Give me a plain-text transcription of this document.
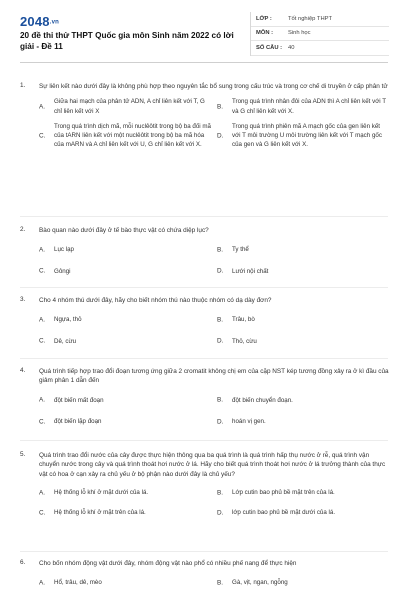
2048.vn
20 đề thi thử THPT Quốc gia môn Sinh năm 2022 có lời giải - Đề 11
LỚP :	Tốt nghiệp THPT
MÔN :	Sinh học
SỐ CÂU :	40
1. Sự liên kết nào dưới đây là không phù hợp theo nguyên tắc bổ sung trong cấu trúc và trong cơ chế di truyền ở cấp phân tử
A.
Giữa hai mạch của phân tử ADN, A chỉ liên kết với T, G chỉ liên kết với X
B.
Trong quá trình nhân đôi của ADN thì A chỉ liên kết với T và G chỉ liên kết với X.
C.
Trong quá trình dịch mã, mỗi nuclêôtit trong bộ ba đối mã của tARN liên kết với một nuclêôtit trong bộ ba mã hóa của mARN và A chỉ liên kết với U, G chỉ liên kết với X.
D.
Trong quá trình phiên mã A mạch gốc của gen liên kết với T môi trường U môi trường liên kết với T mạch gốc của gen và G liên kết với X.
2. Bào quan nào dưới đây ở tế bào thực vật có chứa diệp lục?
A. Lục lạp	B. Ty thể
C. Gôngi	D. Lưới nội chất
3. Cho 4 nhóm thú dưới đây, hãy cho biết nhóm thú nào thuộc nhóm có dạ dày đơn?
A. Ngựa, thỏ	B. Trâu, bò
C. Dê, cừu	D. Thỏ, cừu
4. Quá trình tiếp hợp trao đổi đoạn tương ứng giữa 2 cromatit không chị em của cặp NST kép tương đồng xảy ra ở kì đầu của giảm phân 1 dẫn đến
A. đột biến mất đoạn	B. đột biến chuyển đoạn.
C. đột biến lặp đoạn	D. hoán vị gen.
5. Quá trình trao đổi nước của cây được thực hiện thông qua ba quá trình là quá trình hấp thụ nước ở rễ, quá trình vận chuyển nước trong cây và quá trình thoát hơi nước ở lá. Hãy cho biết quá trình thoát hơi nước ở lá trưởng thành của thực vật có hoa ở cạn xảy ra chủ yếu ở bộ phận nào dưới đây là chủ yếu?
A. Hệ thống lỗ khí ở mặt dưới của lá.	B. Lớp cutin bao phủ bề mặt trên của lá.
C. Hệ thống lỗ khí ở mặt trên của lá.	D. lớp cutin bao phủ bề mặt dưới của lá.
6. Cho bốn nhóm động vật dưới đây, nhóm động vật nào phổ có nhiều phế nang để thực hiện
A. Hổ, trâu, dê, mèo	B. Gà, vịt, ngan, ngỗng
